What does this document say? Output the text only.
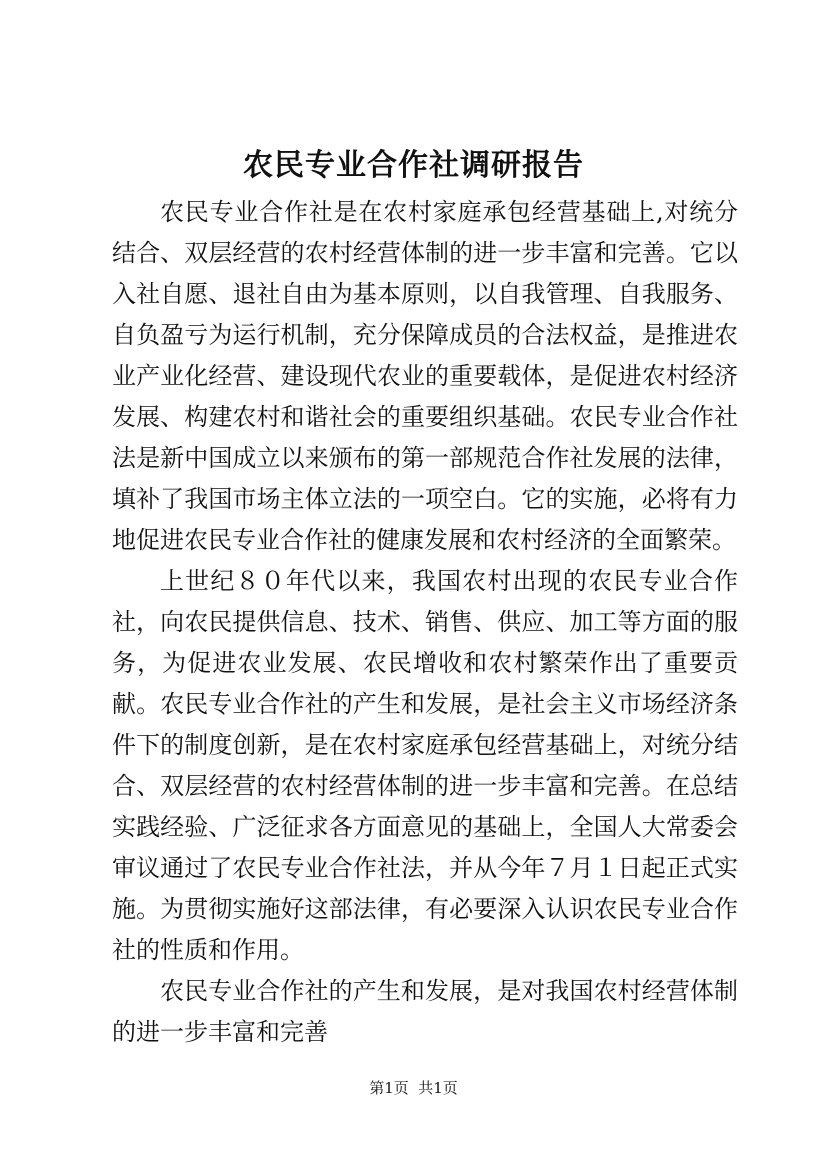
农民专业合作社调研报告

农民专业合作社是在农村家庭承包经营基础上,对统分结合、双层经营的农村经营体制的进一步丰富和完善。它以入社自愿、退社自由为基本原则，以自我管理、自我服务、自负盈亏为运行机制，充分保障成员的合法权益，是推进农业产业化经营、建设现代农业的重要载体，是促进农村经济发展、构建农村和谐社会的重要组织基础。农民专业合作社法是新中国成立以来颁布的第一部规范合作社发展的法律，填补了我国市场主体立法的一项空白。它的实施，必将有力地促进农民专业合作社的健康发展和农村经济的全面繁荣。

上世纪８０年代以来，我国农村出现的农民专业合作社，向农民提供信息、技术、销售、供应、加工等方面的服务，为促进农业发展、农民增收和农村繁荣作出了重要贡献。农民专业合作社的产生和发展，是社会主义市场经济条件下的制度创新，是在农村家庭承包经营基础上，对统分结合、双层经营的农村经营体制的进一步丰富和完善。在总结实践经验、广泛征求各方面意见的基础上，全国人大常委会审议通过了农民专业合作社法，并从今年７月１日起正式实施。为贯彻实施好这部法律，有必要深入认识农民专业合作社的性质和作用。

农民专业合作社的产生和发展，是对我国农村经营体制的进一步丰富和完善

第1页  共1页
